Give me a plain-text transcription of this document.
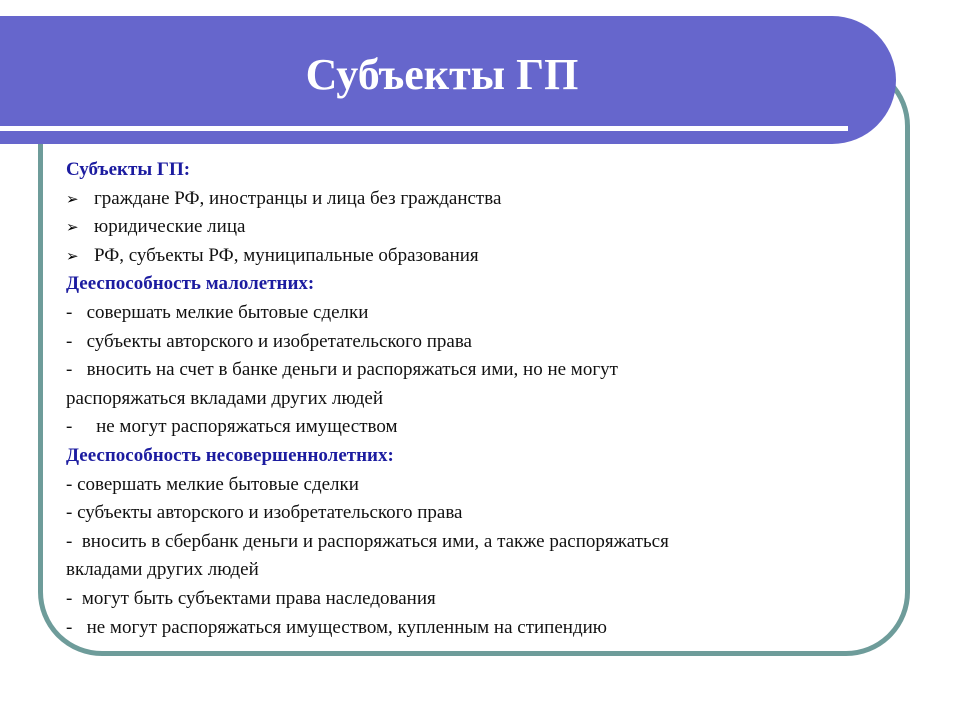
Субъекты ГП

Субъекты ГП:

➢ гражданe РФ, иностранцы и лица без гражданства

➢ юридические лица

➢ РФ, субъекты РФ, муниципальные образования

Дееспособность малолетних:

-   совершать мелкие бытовые сделки

-   субъекты авторского и изобретательского права

-   вносить на счет в банке деньги и распоряжаться ими, но не могут

распоряжаться вкладами других людей

-     не могут распоряжаться имуществом

Дееспособность несовершеннолетних:

- совершать мелкие бытовые сделки

- субъекты авторского и изобретательского права

-  вносить в сбербанк деньги и распоряжаться ими, а также распоряжаться

вкладами других людей

-  могут быть субъектами права наследования

-   не могут распоряжаться имуществом, купленным на стипендию
